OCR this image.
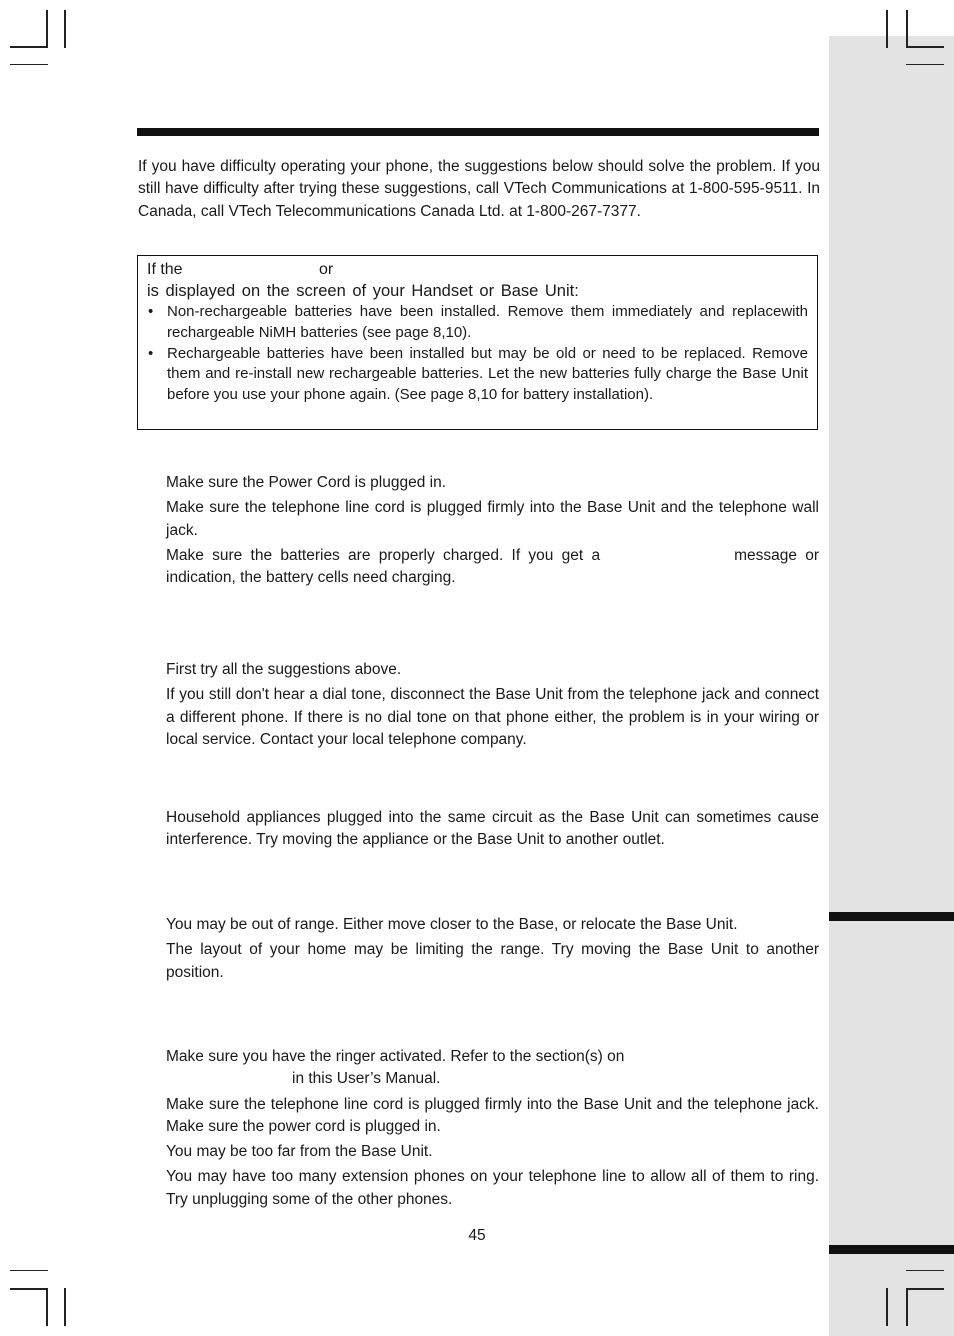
If you have difficulty operating your phone, the suggestions below should solve the problem. If you still have difficulty after trying these suggestions, call VTech Communications at 1-800-595-9511. In Canada, call VTech Telecommunications Canada Ltd. at 1-800-267-7377.

If the	or
is displayed on the screen of your Handset or Base Unit:
• Non-rechargeable batteries have been installed. Remove them immediately and replacewith rechargeable NiMH batteries (see page 8,10).
• Rechargeable batteries have been installed but may be old or need to be replaced. Remove them and re-install new rechargeable batteries. Let the new batteries fully charge the Base Unit before you use your phone again. (See page 8,10 for battery installation).
Make sure the Power Cord is plugged in.
Make sure the telephone line cord is plugged firmly into the Base Unit and the telephone wall jack.
Make sure the batteries are properly charged. If you get a	message or indication, the battery cells need charging.
First try all the suggestions above.
If you still don't hear a dial tone, disconnect the Base Unit from the telephone jack and connect a different phone. If there is no dial tone on that phone either, the problem is in your wiring or local service. Contact your local telephone company.
Household appliances plugged into the same circuit as the Base Unit can sometimes cause interference. Try moving the appliance or the Base Unit to another outlet.
You may be out of range. Either move closer to the Base, or relocate the Base Unit.
The layout of your home may be limiting the range. Try moving the Base Unit to another position.
Make sure you have the ringer activated. Refer to the section(s) on
in this User’s Manual.
Make sure the telephone line cord is plugged firmly into the Base Unit and the telephone jack. Make sure the power cord is plugged in.
You may be too far from the Base Unit.
You may have too many extension phones on your telephone line to allow all of them to ring. Try unplugging some of the other phones.
45
